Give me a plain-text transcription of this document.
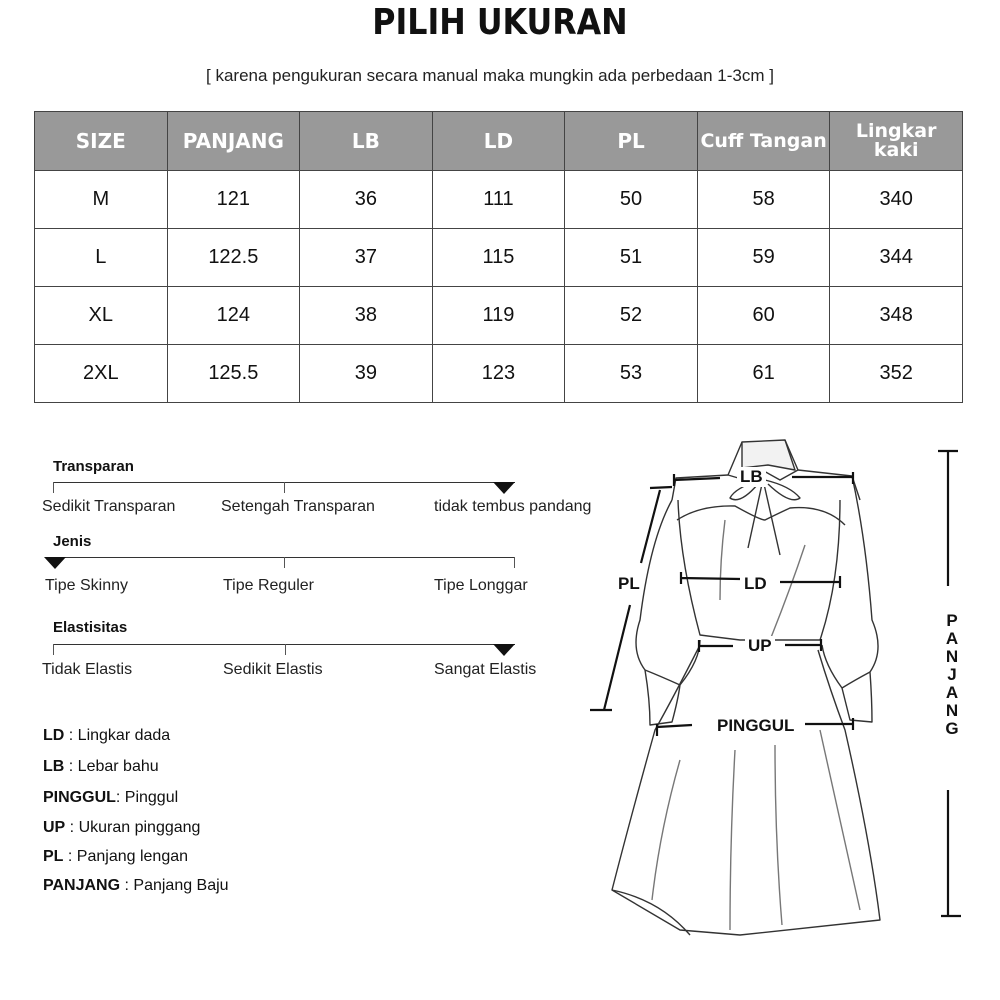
PILIH UKURAN
[ karena pengukuran secara manual maka mungkin ada perbedaan 1-3cm ]
SIZE	PANJANG	LB	LD	PL	Cuff Tangan	Lingkar kaki
M	121	36	111	50	58	340
L	122.5	37	115	51	59	344
XL	124	38	119	52	60	348
2XL	125.5	39	123	53	61	352
Transparan
Sedikit Transparan	Setengah Transparan	tidak tembus pandang
Jenis
Tipe Skinny	Tipe Reguler	Tipe Longgar
Elastisitas
Tidak Elastis	Sedikit Elastis	Sangat Elastis
LD : Lingkar dada
LB : Lebar bahu
PINGGUL: Pinggul
UP : Ukuran pinggang
PL : Panjang lengan
PANJANG : Panjang Baju
LB
LD
UP
PL
PINGGUL
P
A
N
J
A
N
G
